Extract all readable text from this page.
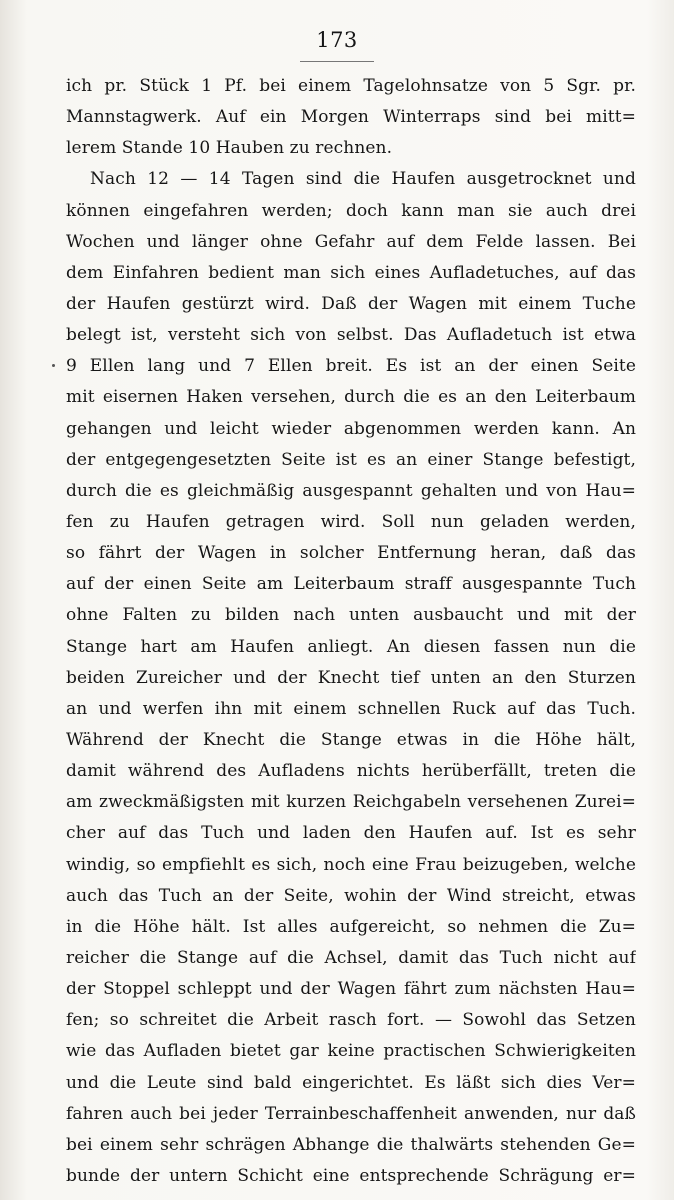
173
ich pr. Stück 1 Pf. bei einem Tagelohnsatze von 5 Sgr. pr.
Mannstagwerk. Auf ein Morgen Winterraps sind bei mitt=
lerem Stande 10 Hauben zu rechnen.
Nach 12 — 14 Tagen sind die Haufen ausgetrocknet und
können eingefahren werden; doch kann man sie auch drei
Wochen und länger ohne Gefahr auf dem Felde lassen. Bei
dem Einfahren bedient man sich eines Aufladetuches, auf das
der Haufen gestürzt wird. Daß der Wagen mit einem Tuche
belegt ist, versteht sich von selbst. Das Aufladetuch ist etwa
9 Ellen lang und 7 Ellen breit. Es ist an der einen Seite
mit eisernen Haken versehen, durch die es an den Leiterbaum
gehangen und leicht wieder abgenommen werden kann. An
der entgegengesetzten Seite ist es an einer Stange befestigt,
durch die es gleichmäßig ausgespannt gehalten und von Hau=
fen zu Haufen getragen wird. Soll nun geladen werden,
so fährt der Wagen in solcher Entfernung heran, daß das
auf der einen Seite am Leiterbaum straff ausgespannte Tuch
ohne Falten zu bilden nach unten ausbaucht und mit der
Stange hart am Haufen anliegt. An diesen fassen nun die
beiden Zureicher und der Knecht tief unten an den Sturzen
an und werfen ihn mit einem schnellen Ruck auf das Tuch.
Während der Knecht die Stange etwas in die Höhe hält,
damit während des Aufladens nichts herüberfällt, treten die
am zweckmäßigsten mit kurzen Reichgabeln versehenen Zurei=
cher auf das Tuch und laden den Haufen auf. Ist es sehr
windig, so empfiehlt es sich, noch eine Frau beizugeben, welche
auch das Tuch an der Seite, wohin der Wind streicht, etwas
in die Höhe hält. Ist alles aufgereicht, so nehmen die Zu=
reicher die Stange auf die Achsel, damit das Tuch nicht auf
der Stoppel schleppt und der Wagen fährt zum nächsten Hau=
fen; so schreitet die Arbeit rasch fort. — Sowohl das Setzen
wie das Aufladen bietet gar keine practischen Schwierigkeiten
und die Leute sind bald eingerichtet. Es läßt sich dies Ver=
fahren auch bei jeder Terrainbeschaffenheit anwenden, nur daß
bei einem sehr schrägen Abhange die thalwärts stehenden Ge=
bunde der untern Schicht eine entsprechende Schrägung er=
